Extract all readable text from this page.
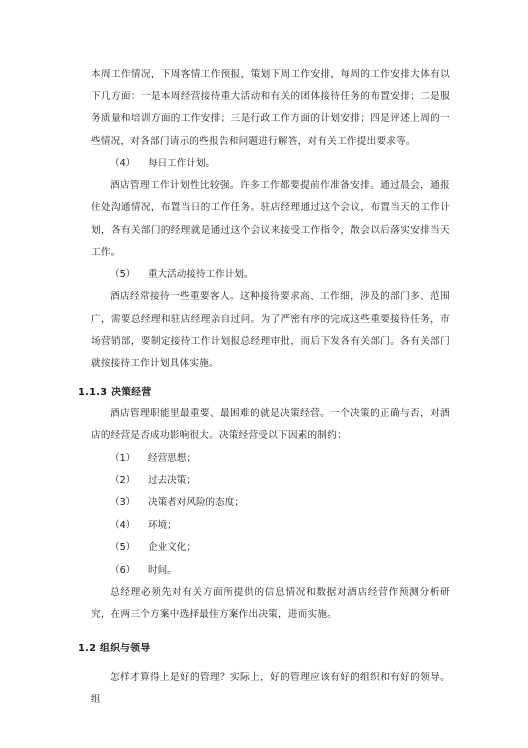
本周工作情况，下周客情工作预报，策划下周工作安排，每周的工作安排大体有以下几方面：一是本周经营接待重大活动和有关的团体接待任务的布置安排；二是服务质量和培训方面的工作安排；三是行政工作方面的计划安排；四是评述上周的一些情况，对各部门请示的些报告和问题进行解答，对有关工作提出要求等。

（4） 每日工作计划。

酒店管理工作计划性比较强。许多工作都要提前作准备安排。通过晨会，通报住处沟通情况，布置当日的工作任务。驻店经理通过这个会议，布置当天的工作计划，各有关部门的经理就是通过这个会议来接受工作指令，散会以后落实安排当天工作。

（5） 重大活动接待工作计划。

酒店经常接待一些重要客人。这种接待要求高、工作细，涉及的部门多、范围广，需要总经理和驻店经理亲自过问。为了严密有序的完成这些重要接待任务，市场营销部，要制定接待工作计划报总经理审批，而后下发各有关部门。各有关部门就按接待工作计划具体实施。

1.1.3 决策经营

酒店管理职能里最重要、最困难的就是决策经营。一个决策的正确与否，对酒店的经营是否成功影响很大。决策经营受以下因素的制约：

（1） 经营思想；

（2） 过去决策；

（3） 决策者对风险的态度；

（4） 环境；

（5） 企业文化；

（6） 时间。

总经理必须先对有关方面所提供的信息情况和数据对酒店经营作预测分析研究，在两三个方案中选择最佳方案作出决策，进而实施。

1.2 组织与领导

怎样才算得上是好的管理？实际上，好的管理应该有好的组织和有好的领导。组
